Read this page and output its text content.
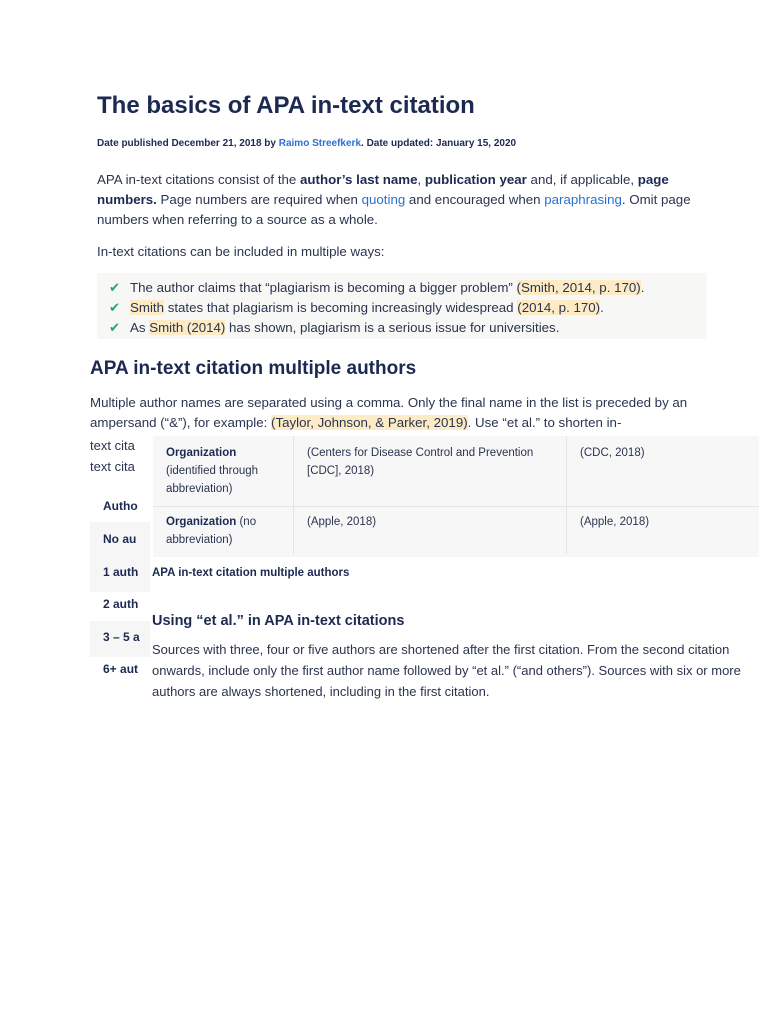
The basics of APA in-text citation
Date published December 21, 2018 by Raimo Streefkerk. Date updated: January 15, 2020

APA in-text citations consist of the author’s last name, publication year and, if applicable, page numbers. Page numbers are required when quoting and encouraged when paraphrasing. Omit page numbers when referring to a source as a whole.

In-text citations can be included in multiple ways:

✔ The author claims that “plagiarism is becoming a bigger problem” (Smith, 2014, p. 170).
✔ Smith states that plagiarism is becoming increasingly widespread (2014, p. 170).
✔ As Smith (2014) has shown, plagiarism is a serious issue for universities.
APA in-text citation multiple authors

Multiple author names are separated using a comma. Only the final name in the list is preceded by an ampersand (“&”), for example: (Taylor, Johnson, & Parker, 2019). Use “et al.” to shorten in-

text cita
text cita
Autho
No au
1 auth
2 auth
3 – 5 a
6+ aut
Organization (identified through abbreviation)
(Centers for Disease Control and Prevention [CDC], 2018)
(CDC, 2018)
Organization (no abbreviation)
(Apple, 2018)	(Apple, 2018)
APA in-text citation multiple authors
Using “et al.” in APA in-text citations
Sources with three, four or five authors are shortened after the first citation. From the second citation onwards, include only the first author name followed by “et al.” (“and others”). Sources with six or more authors are always shortened, including in the first citation.
